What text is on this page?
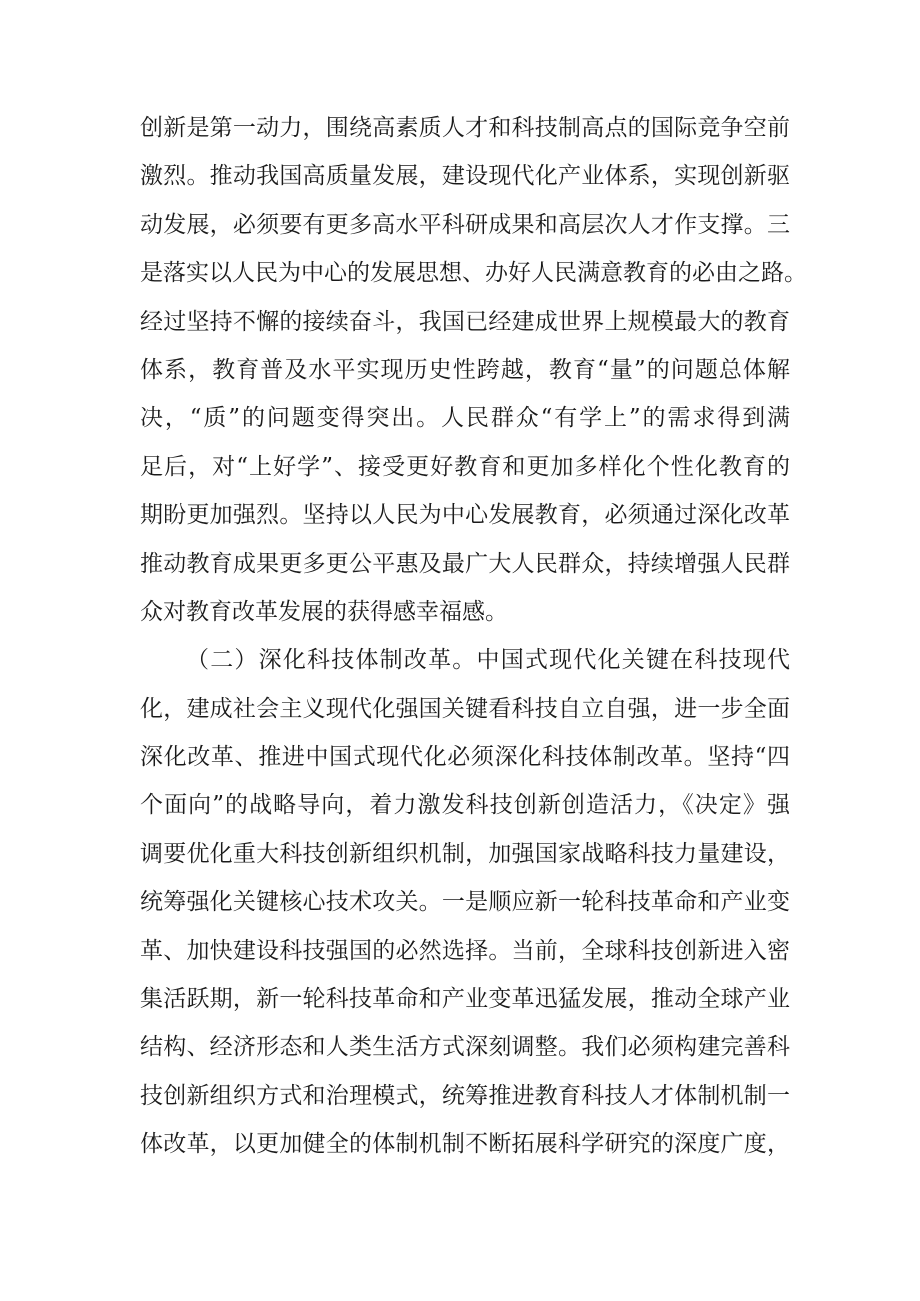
创新是第一动力，围绕高素质人才和科技制高点的国际竞争空前
激烈。推动我国高质量发展，建设现代化产业体系，实现创新驱
动发展，必须要有更多高水平科研成果和高层次人才作支撑。三
是落实以人民为中心的发展思想、办好人民满意教育的必由之路。
经过坚持不懈的接续奋斗，我国已经建成世界上规模最大的教育
体系，教育普及水平实现历史性跨越，教育“量”的问题总体解
决，“质”的问题变得突出。人民群众“有学上”的需求得到满
足后，对“上好学”、接受更好教育和更加多样化个性化教育的
期盼更加强烈。坚持以人民为中心发展教育，必须通过深化改革
推动教育成果更多更公平惠及最广大人民群众，持续增强人民群
众对教育改革发展的获得感幸福感。
（二）深化科技体制改革。中国式现代化关键在科技现代
化，建成社会主义现代化强国关键看科技自立自强，进一步全面
深化改革、推进中国式现代化必须深化科技体制改革。坚持“四
个面向”的战略导向，着力激发科技创新创造活力，《决定》强
调要优化重大科技创新组织机制，加强国家战略科技力量建设，
统筹强化关键核心技术攻关。一是顺应新一轮科技革命和产业变
革、加快建设科技强国的必然选择。当前，全球科技创新进入密
集活跃期，新一轮科技革命和产业变革迅猛发展，推动全球产业
结构、经济形态和人类生活方式深刻调整。我们必须构建完善科
技创新组织方式和治理模式，统筹推进教育科技人才体制机制一
体改革，以更加健全的体制机制不断拓展科学研究的深度广度，
